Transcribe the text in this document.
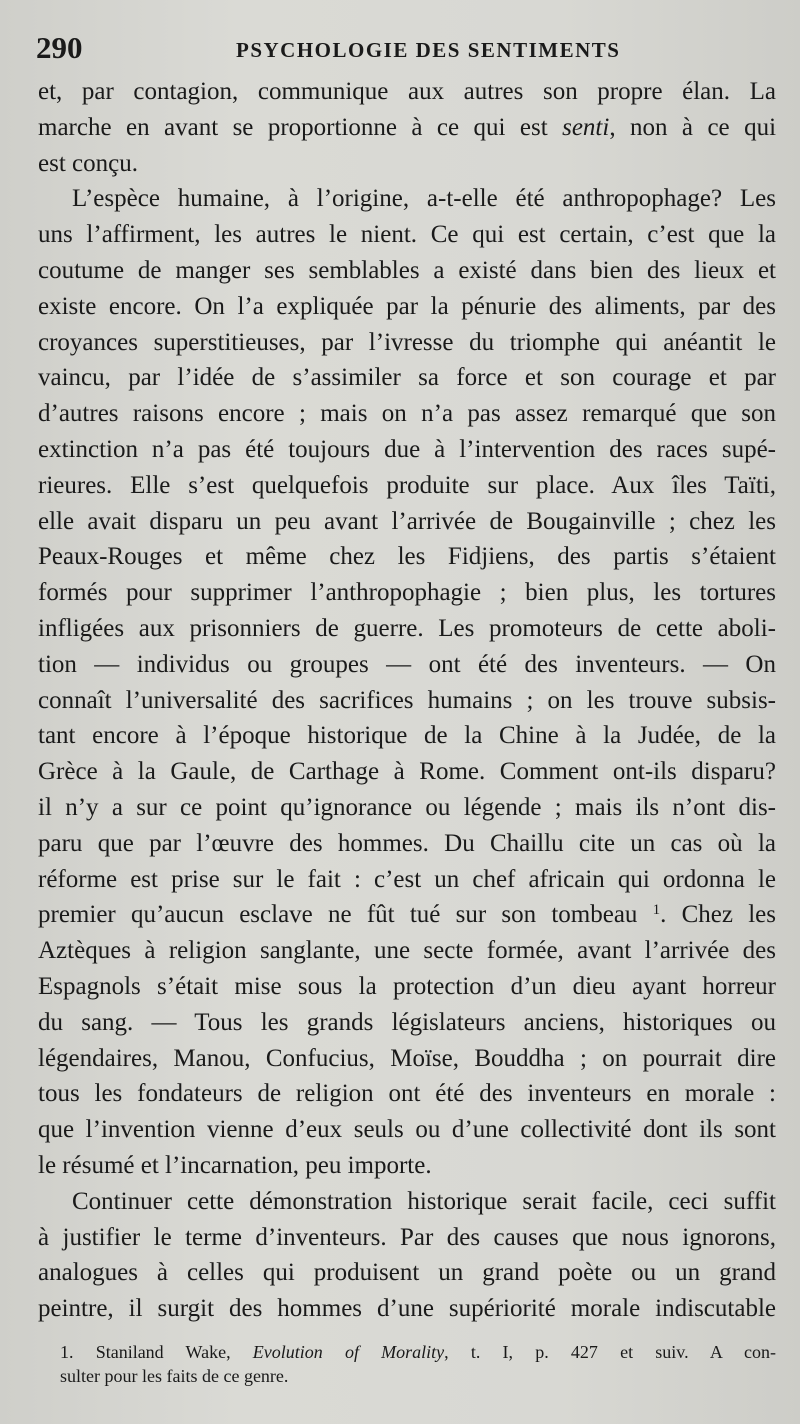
290	PSYCHOLOGIE DES SENTIMENTS
et, par contagion, communique aux autres son propre élan. La
marche en avant se proportionne à ce qui est senti, non à ce qui
est conçu.
L’espèce humaine, à l’origine, a-t-elle été anthropophage? Les
uns l’affirment, les autres le nient. Ce qui est certain, c’est que la
coutume de manger ses semblables a existé dans bien des lieux et
existe encore. On l’a expliquée par la pénurie des aliments, par des
croyances superstitieuses, par l’ivresse du triomphe qui anéantit le
vaincu, par l’idée de s’assimiler sa force et son courage et par
d’autres raisons encore ; mais on n’a pas assez remarqué que son
extinction n’a pas été toujours due à l’intervention des races supé-
rieures. Elle s’est quelquefois produite sur place. Aux îles Taïti,
elle avait disparu un peu avant l’arrivée de Bougainville ; chez les
Peaux-Rouges et même chez les Fidjiens, des partis s’étaient
formés pour supprimer l’anthropophagie ; bien plus, les tortures
infligées aux prisonniers de guerre. Les promoteurs de cette aboli-
tion — individus ou groupes — ont été des inventeurs. — On
connaît l’universalité des sacrifices humains ; on les trouve subsis-
tant encore à l’époque historique de la Chine à la Judée, de la
Grèce à la Gaule, de Carthage à Rome. Comment ont-ils disparu?
il n’y a sur ce point qu’ignorance ou légende ; mais ils n’ont dis-
paru que par l’œuvre des hommes. Du Chaillu cite un cas où la
réforme est prise sur le fait : c’est un chef africain qui ordonna le
premier qu’aucun esclave ne fût tué sur son tombeau $^1$. Chez les
Aztèques à religion sanglante, une secte formée, avant l’arrivée des
Espagnols s’était mise sous la protection d’un dieu ayant horreur
du sang. — Tous les grands législateurs anciens, historiques ou
légendaires, Manou, Confucius, Moïse, Bouddha ; on pourrait dire
tous les fondateurs de religion ont été des inventeurs en morale :
que l’invention vienne d’eux seuls ou d’une collectivité dont ils sont
le résumé et l’incarnation, peu importe.
Continuer cette démonstration historique serait facile, ceci suffit
à justifier le terme d’inventeurs. Par des causes que nous ignorons,
analogues à celles qui produisent un grand poète ou un grand
peintre, il surgit des hommes d’une supériorité morale indiscutable
1. Staniland Wake, Evolution of Morality, t. I, p. 427 et suiv. A con-
sulter pour les faits de ce genre.
